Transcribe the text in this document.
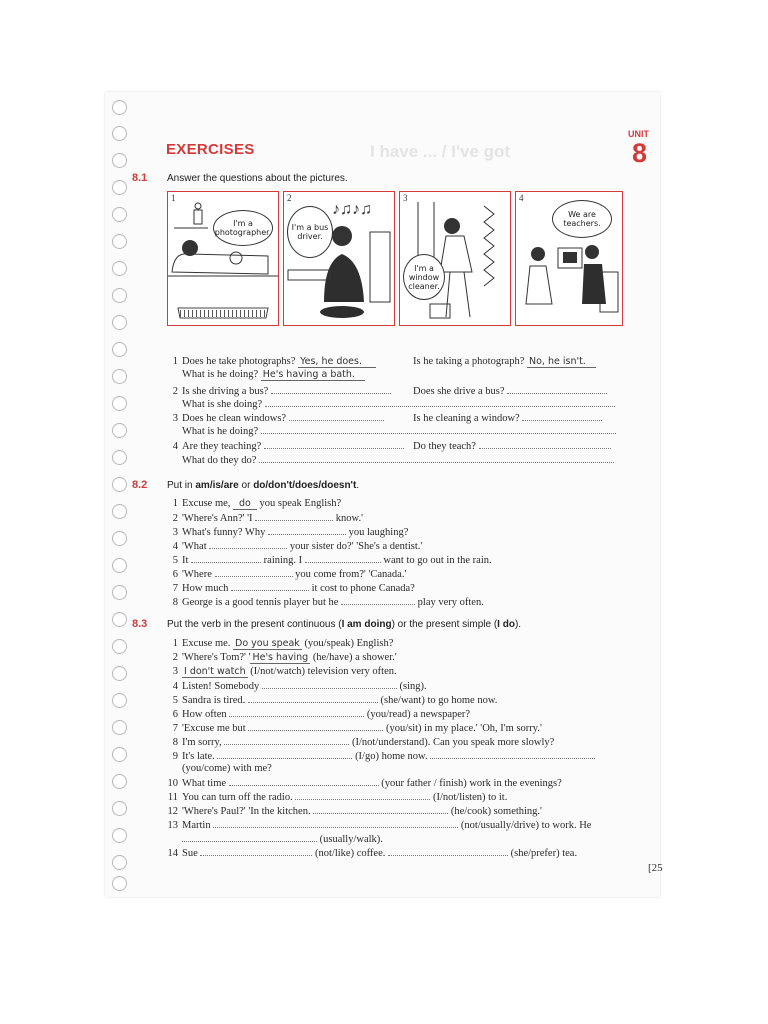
I have ... / I've got
EXERCISES
UNIT
8
8.1 Answer the questions about the pictures.
1
I'm a photographer.
2
♪♫♪♫
I'm a bus driver.
3
I'm a window cleaner.
4
We are teachers.
1 Does he take photographs? Yes, he does.	Is he taking a photograph? No, he isn't.
What is he doing? He's having a bath.
2 Is she driving a bus?	Does she drive a bus?
What is she doing?
3 Does he clean windows?	Is he cleaning a window?
What is he doing?
4 Are they teaching?	Do they teach?
What do they do?
8.2 Put in am/is/are or do/don't/does/doesn't.
1 Excuse me, do you speak English?
2 'Where's Ann?' 'I	know.'
3 What's funny? Why	you laughing?
4 'What	your sister do?' 'She's a dentist.'
5 It	raining. I	want to go out in the rain.
6 'Where	you come from?' 'Canada.'
7 How much	it cost to phone Canada?
8 George is a good tennis player but he	play very often.
8.3 Put the verb in the present continuous (I am doing) or the present simple (I do).
1 Excuse me. Do you speak (you/speak) English?
2 'Where's Tom?' ' He's having (he/have) a shower.'
3 I don't watch (I/not/watch) television very often.
4 Listen! Somebody	(sing).
5 Sandra is tired.	(she/want) to go home now.
6 How often	(you/read) a newspaper?
7 'Excuse me but	(you/sit) in my place.' 'Oh, I'm sorry.'
8 I'm sorry,	(I/not/understand). Can you speak more slowly?
9 It's late.	(I/go) home now.
(you/come) with me?
10 What time	(your father / finish) work in the evenings?
11 You can turn off the radio.	(I/not/listen) to it.
12 'Where's Paul?' 'In the kitchen.	(he/cook) something.'
13 Martin	(not/usually/drive) to work. He
(usually/walk).
14 Sue	(not/like) coffee.	(she/prefer) tea.
[25
